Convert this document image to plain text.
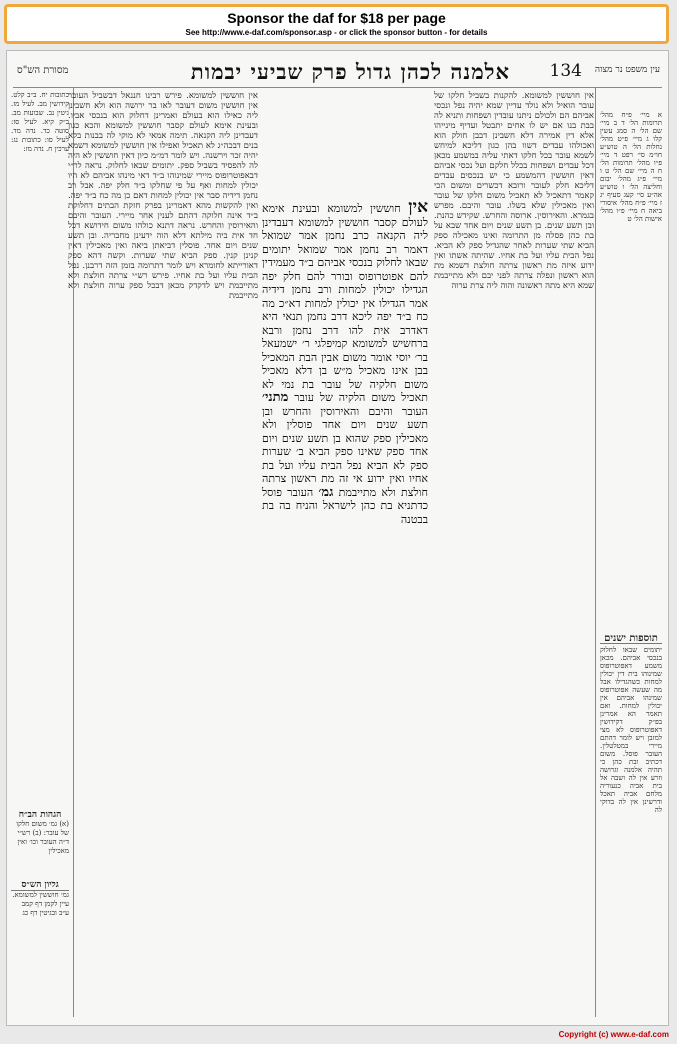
Sponsor the daf for $18 per page
See http://www.e-daf.com/sponsor.asp - or click the sponsor button - for details
עין משפט נר מצוה
134
אלמנה לכהן גדול פרק שביעי יבמות
מסורת הש"ס

א מיי׳ פ״ח מהל׳ תרומות הל׳ ד ב מיי׳ שם הל׳ ה סמג עשין קלו ג מיי׳ פ״ט מהל׳ נחלות הל׳ ה טוש״ע חו״מ סי׳ רפט ד מיי׳ פ״ו מהל׳ תרומות הל׳ ח ה מיי׳ שם הל׳ ט ו מיי׳ פ״ג מהל׳ יבום וחליצה הל׳ ו טוש״ע אה״ע סי׳ קעג סעיף יג ז מיי׳ פ״ח מהל׳ איסורי ביאה ח מיי׳ פ״ו מהל׳ אישות הל׳ ט

תוספות ישנים

יתומים שבאו לחלוק בנכסי אביהם. מכאן משמע דאפוטרופוס שמינוהו בית דין יכולין למחות כשהגדילו אבל מה שעשה אפוטרופוס שמינהו אביהם אין יכולין למחות. ואם תאמר הא אמרינן בפ״ק דקידושין דאפוטרופוס לא מצי למזבן ויש לומר דהתם מיירי במטלטלין. העובר פוסל. משום דכתיב ובת כהן כי תהיה אלמנה וגרושה וזרע אין לה ושבה אל בית אביה כנעוריה מלחם אביה תאכל ודרשינן אין לה בדוקי לה

אין חוששין למשומא. להקנות בשביל חלקו של עובר הואיל ולא נולד עדיין שמא יהיה נפל ונכסי אביהם הם ולכולם ניתנו עובדין ושפחות ותניא לה בבת בנו אם יש לו אחים יתבטל ועדיף מינייהו אלא דין אמירה דלא חשבינן דבבן חולק הוא ואכולהו עבדים דשוו בהן כגון דליכא למיחש לשמא עובר בכל חלקו דאתי עליה במשמע מכאן דכל עבדים ושפחות בכלל חלקם ועל נכסי אביהם דאין חוששין דהמשמע כי יש בנכסים עבדים דליכא חלק לעובר ורובא דכשרים ומשום הכי קאמר דתאכיל לא תאכיל משום חלקו של עובר ואין מאכילין שלא בשלו. עובר והיבם. מפרש בגמרא. והאירוסין. ארוסה והחרש. שקידש כהנת. ובן תשע שנים. בן תשע שנים ויום אחד שבא על בת כהן פסלה מן התרומה ואינו מאכילה ספק הביא שתי שערות לאחר שהגדיל ספק לא הביא. נפל הבית עליו ועל בת אחיו. שהיתה אשתו ואין ידוע איזה מת ראשון צרתה חולצת דשמא מת הוא ראשון ונפלה צרתה לפני יבם ולא מתייבמת שמא היא מתה ראשונה והוה ליה צרת ערוה

אין חוששין למשומא ובעינת אימא לעולם קסבר חוששין למשומא דעבדינן ליה הקנאה כרב נחמן אמר שמואל דאמר רב נחמן אמר שמואל יתומים שבאו לחלוק בנכסי אביהם ב״ד מעמידין להם אפוטרופוס ובורר להם חלק יפה הגדילו יכולין למחות ורב נחמן דידיה אמר הגדילו אין יכולין למחות דא״כ מה כח ב״ד יפה ליכא דרב נחמן תנאי היא דאדרב אית להו דרב נחמן ורבא ברחשיש למשומא קמיפלגי ר׳ ישמעאל בר׳ יוסי אומר משום אבין הבת המאכיל בבן אינו מאכיל מ״ש בן דלא מאכיל משום חלקיה של עובר בת נמי לא תאכיל משום הלקיה של עובר מתני׳ העובר והיבם והאירוסין והחרש ובן תשע שנים ויום אחד פוסלין ולא מאכילין ספק שהוא בן תשע שנים ויום אחד ספק שאינו ספק הביא ב׳ שערות ספק לא הביא נפל הבית עליו ועל בת אחיו ואין ידוע אי זה מת ראשון צרתה חולצת ולא מתייבמת גמ׳ העובר פוסל כדתניא בת כהן לישראל והניח בה בת בבטנה

אין חוששין למשומא. פירש רבינו חננאל דבשביל העובר אין חוששין משום דעובר לאו בר ירושה הוא ולא חשבינן ליה כאילו הוא בעולם ואמרינן דחלוק הוא בנכסי אביו. ובעינת אימא לעולם קסבר חוששין למשומא והכא כגון דעבדינן ליה הקנאה. תימה אמאי לא מוקי לה בבנות בלא בנים דבכה״ג לא תאכיל ואפילו אין חוששין למשומא דשמא יהיה זכר וירשנה. ויש לומר דמ״מ כיון דאין חוששין לא היה לה להפסיד בשביל ספק. יתומים שבאו לחלוק. נראה לר״י דבאפוטרופוס מיירי שמינוהו ב״ד דאי מינהו אביהם לא היו יכולין למחות ואף על פי שחלקו ב״ד חלק יפה. אבל רב נחמן דידיה סבר אין יכולין למחות דאם כן מה כח ב״ד יפה. ואין להקשות מהא דאמרינן בפרק חזקת הבתים דחלוקת ב״ד אינה חלוקה דהתם לענין אחר מיירי. העובר והיבם והאירוסין והחרש. נראה דתנא כולהו משום חידושא דכל חד אית ביה מילתא דלא הוה ידעינן מחבריה. ובן תשע שנים ויום אחד. פוסלין דביאתן ביאה ואין מאכילין דאין קנינן קנין. ספק הביא שתי שערות. וקשה דהא ספק דאורייתא לחומרא ויש לומר דתרומה בזמן הזה דרבנן. נפל הבית עליו ועל בת אחיו. פירש רש״י צרתה חולצת ולא מתייבמת ויש לדקדק מכאן דבכל ספק ערוה חולצת ולא מתייבמת

כתובות יח. ב״ב קלט. קידושין מב. לעיל מז. גיטין נב. שבועות מב. ב״ק קיא. לעיל סז: סוטה כד. נדה מד. לעיל סו: כתובות נג: ערכין ח. נדה מז:

הגהות הב״ח
(א) גמ׳ משום חלקו של עובר: (ב) רש״י ד״ה העובר וכו׳ ואין מאכילין
גליון הש״ס
גמ׳ חוששין למשומא. עיין לקמן דף קמב ע״ב ובגיטין דף כג
Copyright (c) www.e-daf.com
